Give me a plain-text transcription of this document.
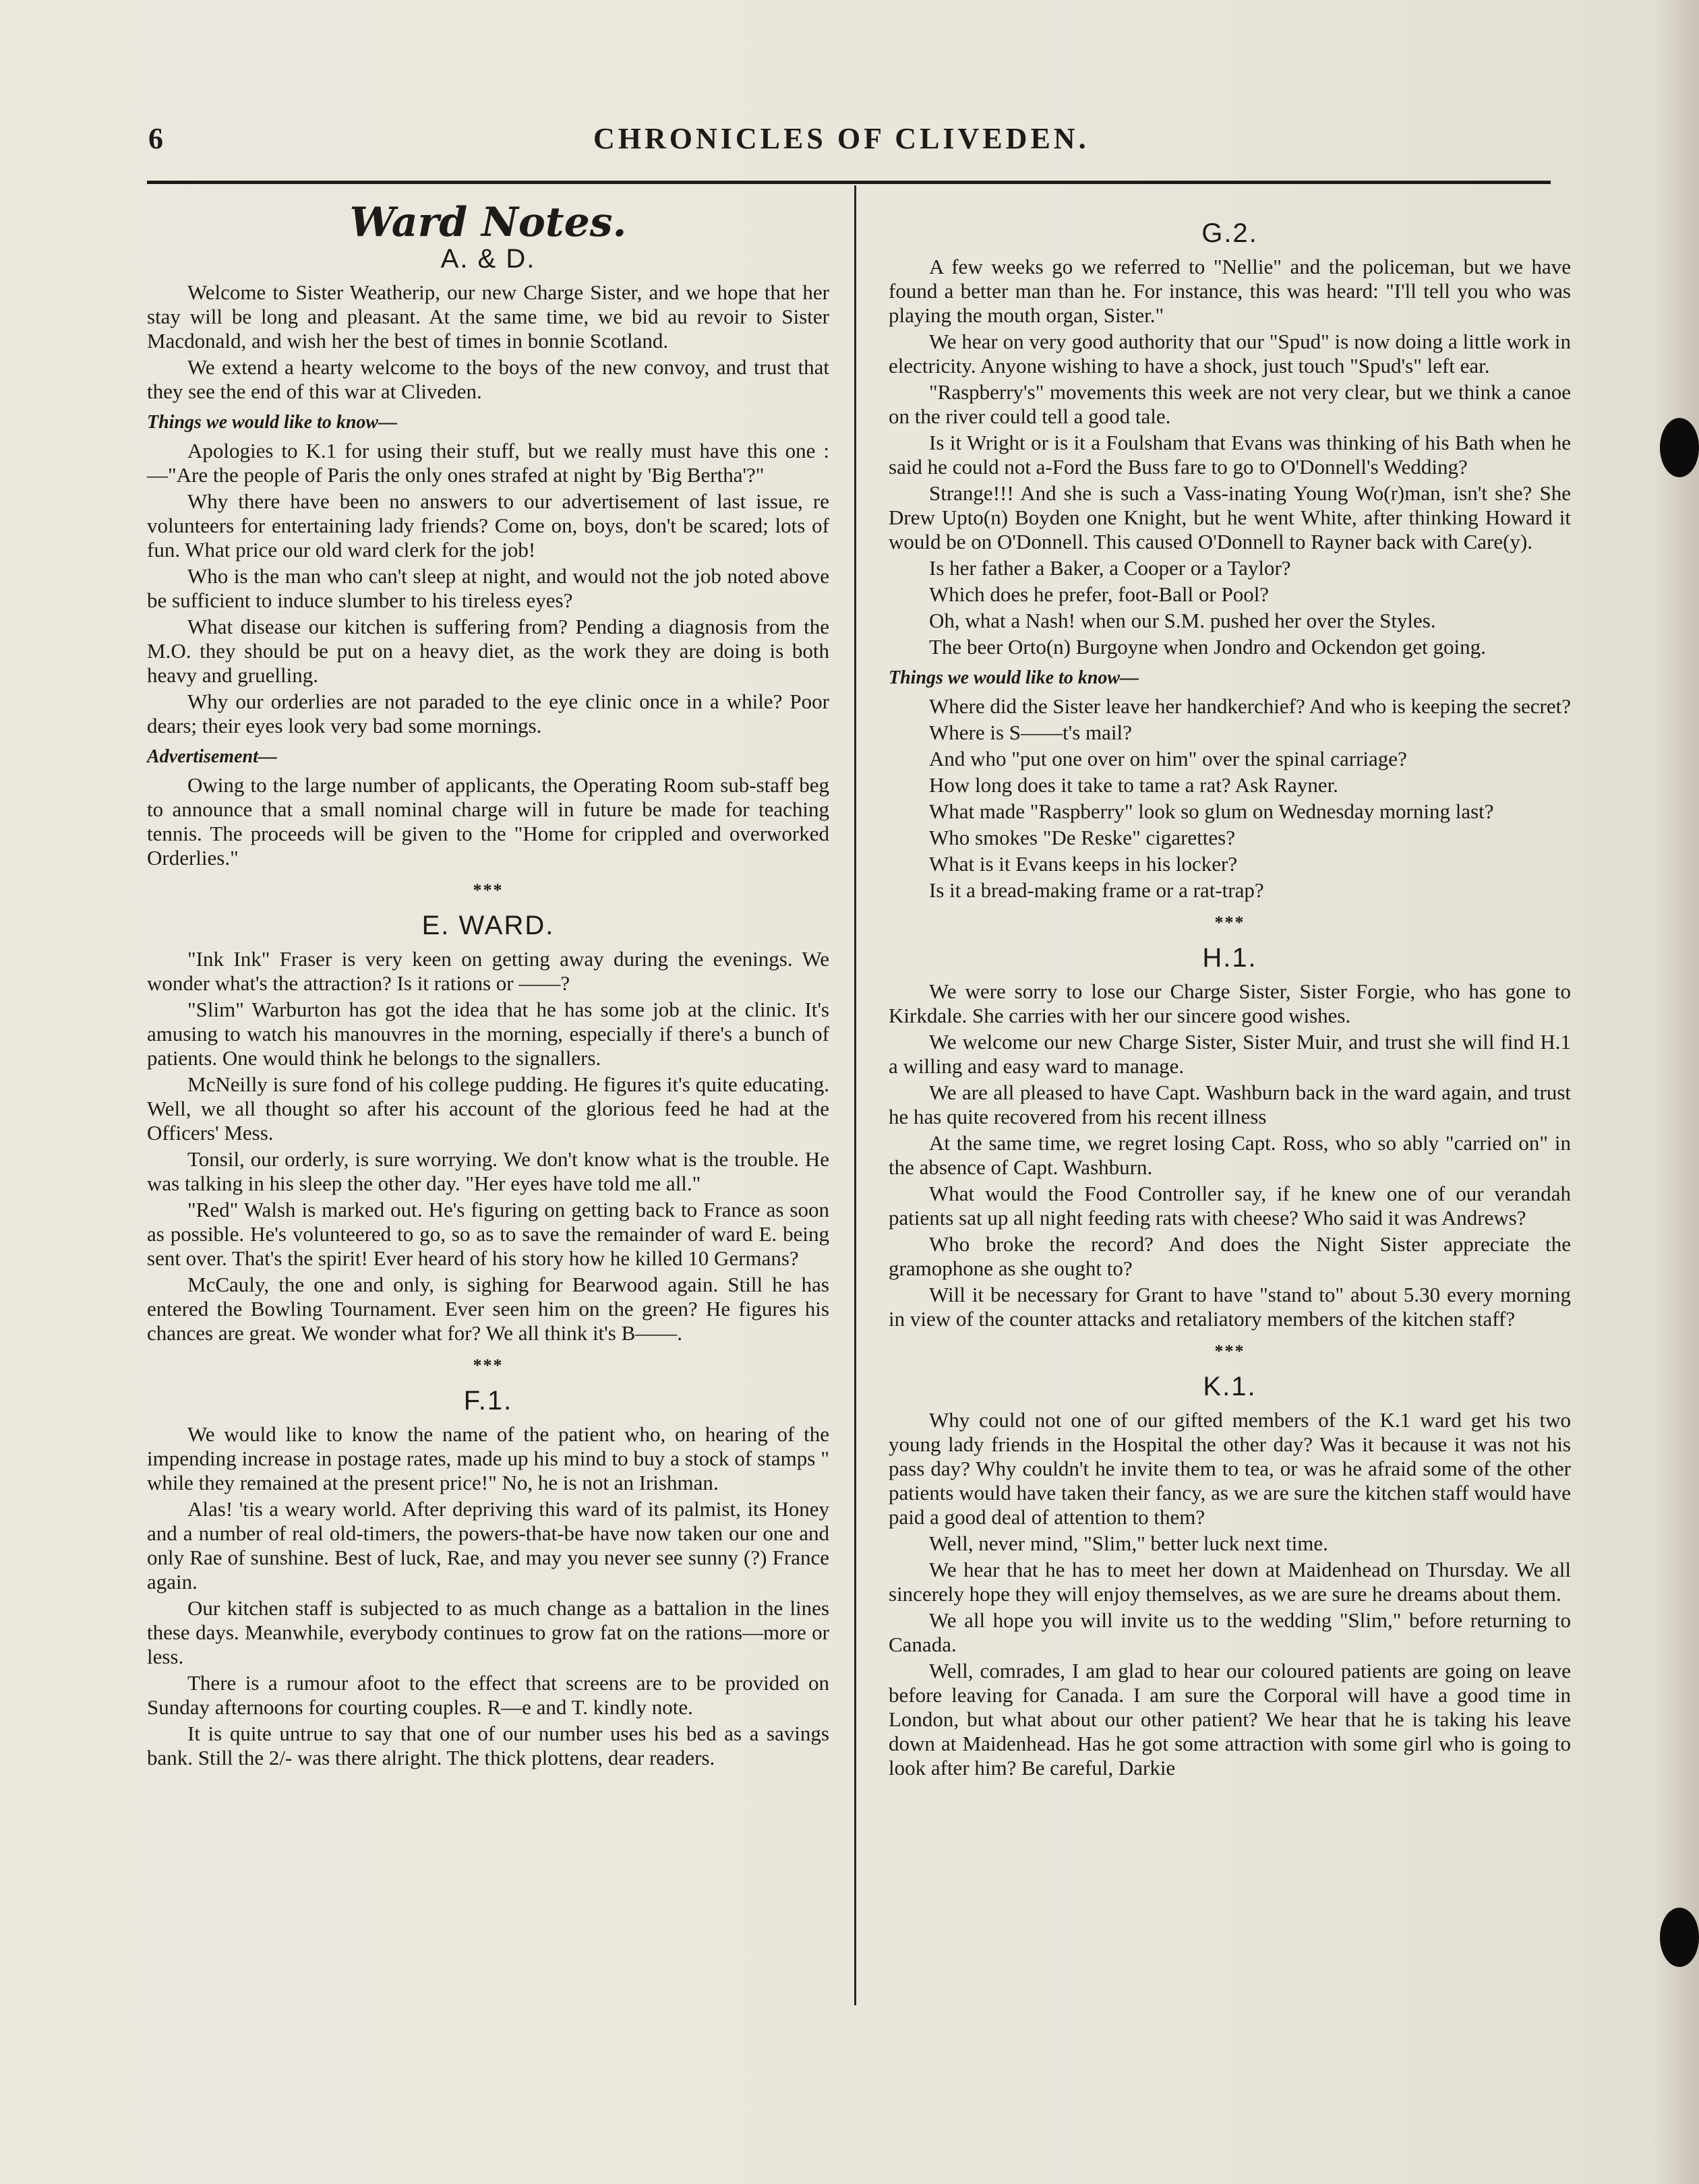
6	CHRONICLES OF CLIVEDEN.
Ward Notes.
A. & D.

Welcome to Sister Weatherip, our new Charge Sister, and we hope that her stay will be long and pleasant. At the same time, we bid au revoir to Sister Macdonald, and wish her the best of times in bonnie Scotland.

We extend a hearty welcome to the boys of the new convoy, and trust that they see the end of this war at Cliveden.

Things we would like to know—

Apologies to K.1 for using their stuff, but we really must have this one :—"Are the people of Paris the only ones strafed at night by 'Big Bertha'?"

Why there have been no answers to our advertisement of last issue, re volunteers for entertaining lady friends? Come on, boys, don't be scared; lots of fun. What price our old ward clerk for the job!

Who is the man who can't sleep at night, and would not the job noted above be sufficient to induce slumber to his tireless eyes?

What disease our kitchen is suffering from? Pending a diagnosis from the M.O. they should be put on a heavy diet, as the work they are doing is both heavy and gruelling.

Why our orderlies are not paraded to the eye clinic once in a while? Poor dears; their eyes look very bad some mornings.

Advertisement—

Owing to the large number of applicants, the Operating Room sub-staff beg to announce that a small nominal charge will in future be made for teaching tennis. The proceeds will be given to the "Home for crippled and overworked Orderlies."

***
E. WARD.

"Ink Ink" Fraser is very keen on getting away during the evenings. We wonder what's the attraction? Is it rations or ——?

"Slim" Warburton has got the idea that he has some job at the clinic. It's amusing to watch his manouvres in the morning, especially if there's a bunch of patients. One would think he belongs to the signallers.

McNeilly is sure fond of his college pudding. He figures it's quite educating. Well, we all thought so after his account of the glorious feed he had at the Officers' Mess.

Tonsil, our orderly, is sure worrying. We don't know what is the trouble. He was talking in his sleep the other day. "Her eyes have told me all."

"Red" Walsh is marked out. He's figuring on getting back to France as soon as possible. He's volunteered to go, so as to save the remainder of ward E. being sent over. That's the spirit! Ever heard of his story how he killed 10 Germans?

McCauly, the one and only, is sighing for Bearwood again. Still he has entered the Bowling Tournament. Ever seen him on the green? He figures his chances are great. We wonder what for? We all think it's B——.

***
F.1.

We would like to know the name of the patient who, on hearing of the impending increase in postage rates, made up his mind to buy a stock of stamps " while they remained at the present price!" No, he is not an Irishman.

Alas! 'tis a weary world. After depriving this ward of its palmist, its Honey and a number of real old-timers, the powers-that-be have now taken our one and only Rae of sunshine. Best of luck, Rae, and may you never see sunny (?) France again.

Our kitchen staff is subjected to as much change as a battalion in the lines these days. Meanwhile, everybody continues to grow fat on the rations—more or less.

There is a rumour afoot to the effect that screens are to be provided on Sunday afternoons for courting couples. R—e and T. kindly note.

It is quite untrue to say that one of our number uses his bed as a savings bank. Still the 2/- was there alright. The thick plottens, dear readers.

G.2.

A few weeks go we referred to "Nellie" and the policeman, but we have found a better man than he. For instance, this was heard: "I'll tell you who was playing the mouth organ, Sister."

We hear on very good authority that our "Spud" is now doing a little work in electricity. Anyone wishing to have a shock, just touch "Spud's" left ear.

"Raspberry's" movements this week are not very clear, but we think a canoe on the river could tell a good tale.

Is it Wright or is it a Foulsham that Evans was thinking of his Bath when he said he could not a-Ford the Buss fare to go to O'Donnell's Wedding?

Strange!!! And she is such a Vass-inating Young Wo(r)man, isn't she? She Drew Upto(n) Boyden one Knight, but he went White, after thinking Howard it would be on O'Donnell. This caused O'Donnell to Rayner back with Care(y).

Is her father a Baker, a Cooper or a Taylor?

Which does he prefer, foot-Ball or Pool?

Oh, what a Nash! when our S.M. pushed her over the Styles.

The beer Orto(n) Burgoyne when Jondro and Ockendon get going.

Things we would like to know—

Where did the Sister leave her handkerchief? And who is keeping the secret?

Where is S——t's mail?

And who "put one over on him" over the spinal carriage?

How long does it take to tame a rat? Ask Rayner.

What made "Raspberry" look so glum on Wednesday morning last?

Who smokes "De Reske" cigarettes?

What is it Evans keeps in his locker?

Is it a bread-making frame or a rat-trap?

***
H.1.

We were sorry to lose our Charge Sister, Sister Forgie, who has gone to Kirkdale. She carries with her our sincere good wishes.

We welcome our new Charge Sister, Sister Muir, and trust she will find H.1 a willing and easy ward to manage.

We are all pleased to have Capt. Washburn back in the ward again, and trust he has quite recovered from his recent illness

At the same time, we regret losing Capt. Ross, who so ably "carried on" in the absence of Capt. Washburn.

What would the Food Controller say, if he knew one of our verandah patients sat up all night feeding rats with cheese? Who said it was Andrews?

Who broke the record? And does the Night Sister appreciate the gramophone as she ought to?

Will it be necessary for Grant to have "stand to" about 5.30 every morning in view of the counter attacks and retaliatory members of the kitchen staff?

***
K.1.

Why could not one of our gifted members of the K.1 ward get his two young lady friends in the Hospital the other day? Was it because it was not his pass day? Why couldn't he invite them to tea, or was he afraid some of the other patients would have taken their fancy, as we are sure the kitchen staff would have paid a good deal of attention to them?

Well, never mind, "Slim," better luck next time.

We hear that he has to meet her down at Maidenhead on Thursday. We all sincerely hope they will enjoy themselves, as we are sure he dreams about them.

We all hope you will invite us to the wedding "Slim," before returning to Canada.

Well, comrades, I am glad to hear our coloured patients are going on leave before leaving for Canada. I am sure the Corporal will have a good time in London, but what about our other patient? We hear that he is taking his leave down at Maidenhead. Has he got some attraction with some girl who is going to look after him? Be careful, Darkie
